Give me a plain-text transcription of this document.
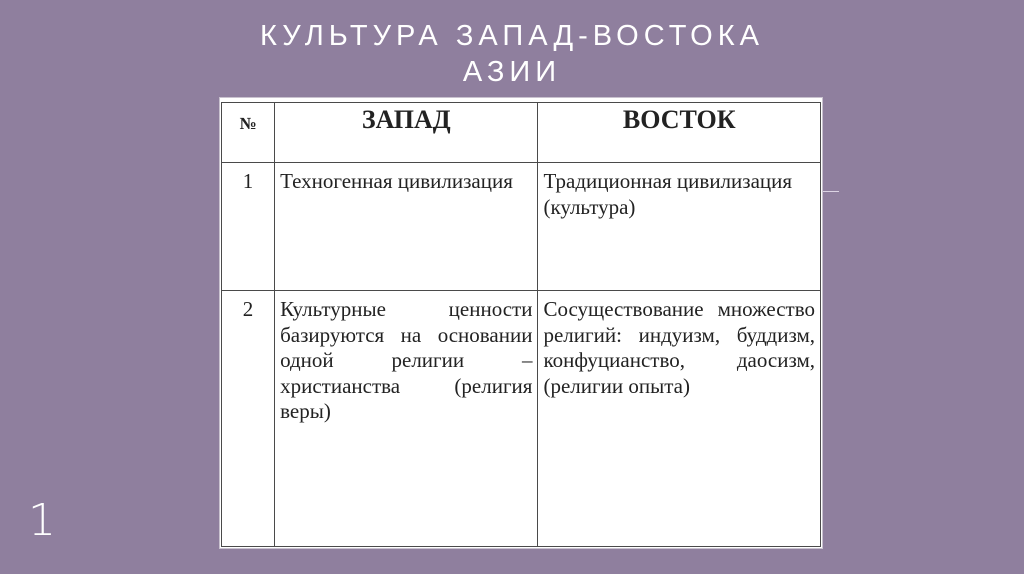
КУЛЬТУРА ЗАПАД-ВОСТОКА
АЗИИ
№	ЗАПАД	ВОСТОК
1	Техногенная цивилизация	Традиционная цивилизация (культура)
2	Культурные ценности базируются на основании одной религии – христианства (религия веры)	Сосуществование множество религий: индуизм, буддизм, конфуцианство, даосизм, (религии опыта)
1
